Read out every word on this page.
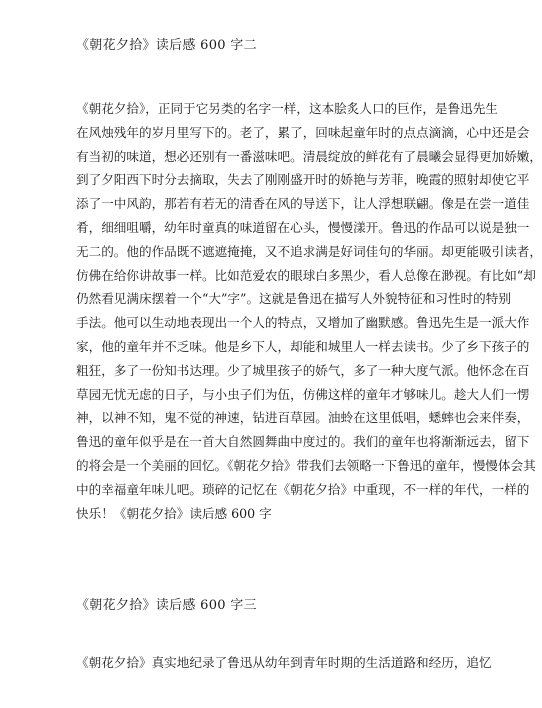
《朝花夕拾》读后感 600 字二
《朝花夕拾》，正同于它另类的名字一样，这本脍炙人口的巨作，是鲁迅先生
在风烛残年的岁月里写下的。老了，累了，回味起童年时的点点滴滴，心中还是会
有当初的味道，想必还别有一番滋味吧。清晨绽放的鲜花有了晨曦会显得更加娇嫩，
到了夕阳西下时分去摘取，失去了刚刚盛开时的娇艳与芳菲，晚霞的照射却使它平
添了一中风韵，那若有若无的清香在风的导送下，让人浮想联翩。像是在尝一道佳
肴，细细咀嚼，幼年时童真的味道留在心头，慢慢漾开。鲁迅的作品可以说是独一
无二的。他的作品既不遮遮掩掩，又不追求满是好词佳句的华丽。却更能吸引读者，
仿佛在给你讲故事一样。比如范爱农的眼球白多黑少，看人总像在渺视。有比如“却
仍然看见满床摆着一个“大”字”。这就是鲁迅在描写人外貌特征和习性时的特别
手法。他可以生动地表现出一个人的特点，又增加了幽默感。鲁迅先生是一派大作
家，他的童年并不乏味。他是乡下人，却能和城里人一样去读书。少了乡下孩子的
粗狂，多了一份知书达理。少了城里孩子的娇气，多了一种大度气派。他怀念在百
草园无忧无虑的日子，与小虫子们为伍，仿佛这样的童年才够味儿。趁大人们一愣
神，以神不知，鬼不觉的神速，钻进百草园。油蛉在这里低唱，蟋蟀也会来伴奏，
鲁迅的童年似乎是在一首大自然圆舞曲中度过的。我们的童年也将渐渐远去，留下
的将会是一个美丽的回忆。《朝花夕拾》带我们去领略一下鲁迅的童年，慢慢体会其
中的幸福童年味儿吧。琐碎的记忆在《朝花夕拾》中重现，不一样的年代，一样的
快乐！《朝花夕拾》读后感 600 字
《朝花夕拾》读后感 600 字三
《朝花夕拾》真实地纪录了鲁迅从幼年到青年时期的生活道路和经历，追忆
